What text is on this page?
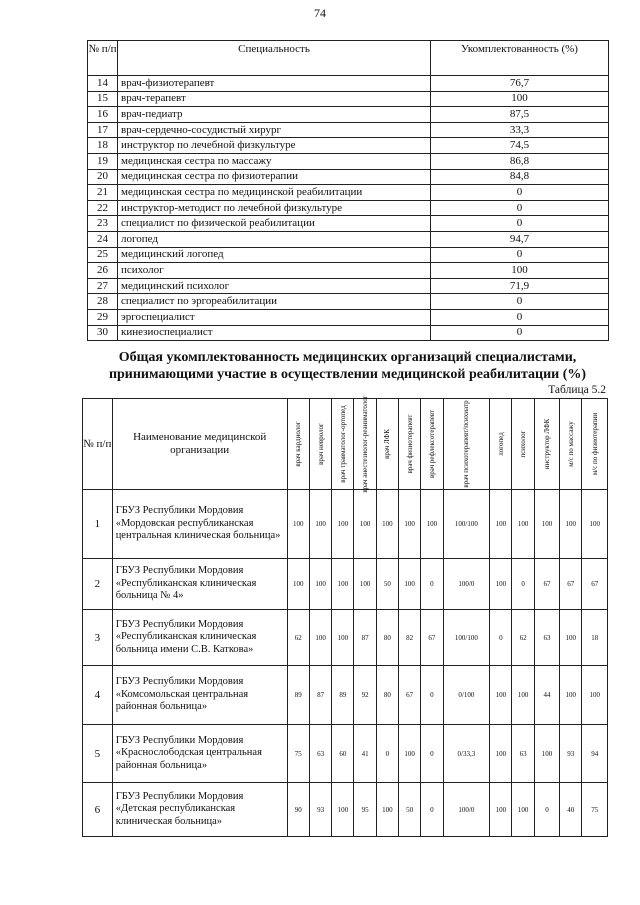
74
№ п/п	Специальность	Укомплектованность (%)
14	врач-физиотерапевт	76,7
15	врач-терапевт	100
16	врач-педиатр	87,5
17	врач-сердечно-сосудистый хирург	33,3
18	инструктор по лечебной физкультуре	74,5
19	медицинская сестра по массажу	86,8
20	медицинская сестра по физиотерапии	84,8
21	медицинская сестра по медицинской реабилитации	0
22	инструктор-методист по лечебной физкультуре	0
23	специалист по физической реабилитации	0
24	логопед	94,7
25	медицинский логопед	0
26	психолог	100
27	медицинский психолог	71,9
28	специалист по эргореабилитации	0
29	эргоспециалист	0
30	кинезиоспециалист	0
Общая укомплектованность медицинских организаций специалистами, принимающими участие в осуществлении медицинской реабилитации (%)
Таблица 5.2
№ п/п	Наименование медицинской организации	врач кардиолог	врач невролог	врач травматолог-ортопед	врач анестезиолог-реаниматолог	врач ЛФК	врач физиотерапевт	врач рефлексотерапевт	врач психотерапевт/психиатр	логопед	психолог	инструктор ЛФК	м/с по массажу	м/с по физиотерапии

1	ГБУЗ Республики Мордовия «Мордовская республиканская центральная клиническая больница»	100	100	100	100	100	100	100	100/100	100	100	100	100	100
2	ГБУЗ Республики Мордовия «Республиканская клиническая больница № 4»	100	100	100	100	50	100	0	100/0	100	0	67	67	67
3	ГБУЗ Республики Мордовия «Республиканская клиническая больница имени С.В. Каткова»	62	100	100	87	80	82	67	100/100	0	62	63	100	18
4	ГБУЗ Республики Мордовия «Комсомольская центральная районная больница»	89	87	89	92	80	67	0	0/100	100	100	44	100	100
5	ГБУЗ Республики Мордовия «Краснослободская центральная районная больница»	75	63	60	41	0	100	0	0/33,3	100	63	100	93	94
6	ГБУЗ Республики Мордовия «Детская республиканская клиническая больница»	90	93	100	95	100	50	0	100/0	100	100	0	40	75
